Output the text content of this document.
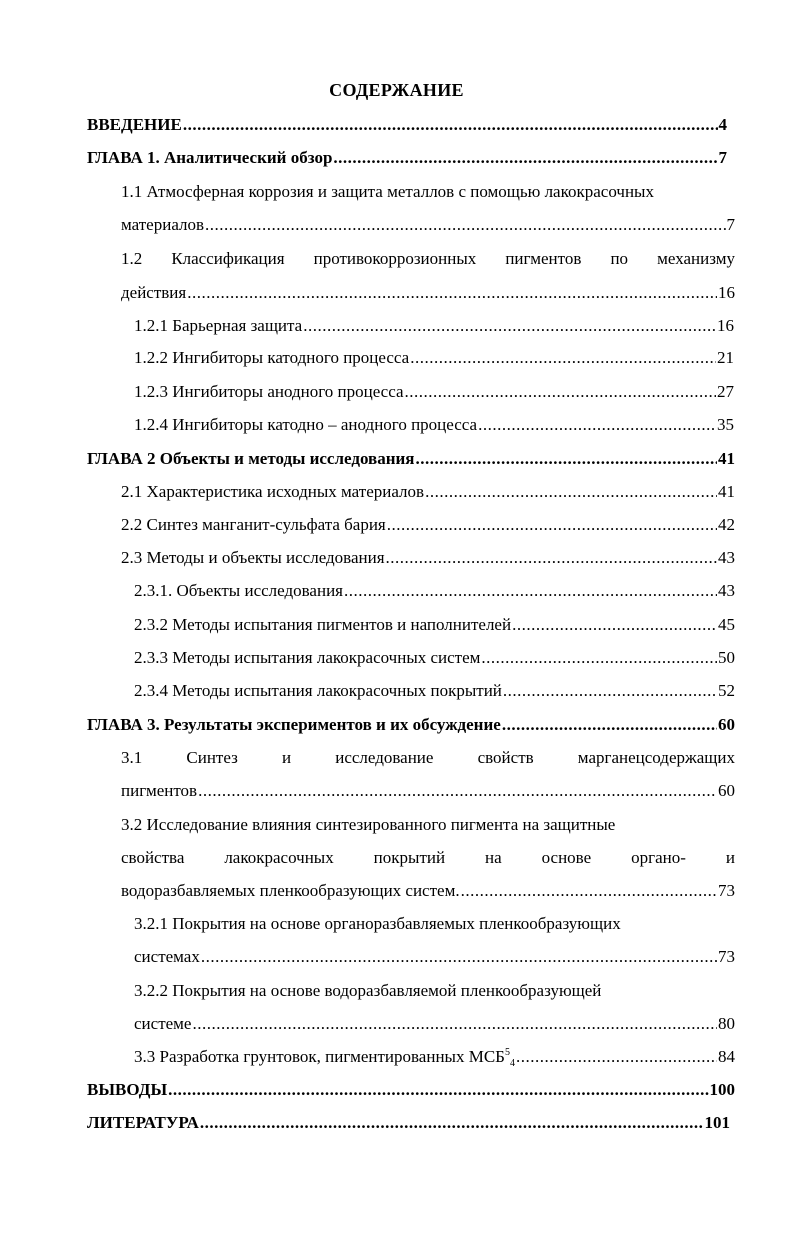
СОДЕРЖАНИЕ
ВВЕДЕНИЕ .....	4
ГЛАВА 1. Аналитический обзор .....	7
1.1 Атмосферная коррозия и защита металлов с помощью лакокрасочных
материалов .....	7
1.2 Классификация противокоррозионных пигментов по механизму
действия .....	16
1.2.1 Барьерная защита .....	16
1.2.2 Ингибиторы катодного процесса .....	21
1.2.3 Ингибиторы анодного процесса .....	27
1.2.4 Ингибиторы катодно – анодного процесса .....	35
ГЛАВА 2 Объекты и методы исследования .....	41
2.1 Характеристика исходных материалов .....	41
2.2 Синтез манганит-сульфата бария .....	42
2.3 Методы и объекты исследования .....	43
2.3.1. Объекты исследования .....	43
2.3.2 Методы испытания пигментов и наполнителей .....	45
2.3.3 Методы испытания лакокрасочных систем .....	50
2.3.4 Методы испытания лакокрасочных покрытий .....	52
ГЛАВА 3. Результаты экспериментов и их обсуждение .....	60
3.1	Синтез	и	исследование	свойств	марганецсодержащих
пигментов .....	60
3.2 Исследование влияния синтезированного пигмента на защитные
свойства лакокрасочных покрытий на основе органо- и
водоразбавляемых пленкообразующих систем. .....	73
3.2.1 Покрытия на основе органоразбавляемых пленкообразующих
системах .....	73
3.2.2 Покрытия на основе водоразбавляемой пленкообразующей
системе .....	80
3.3 Разработка грунтовок, пигментированных $МСБ^5_4$ .....	84
ВЫВОДЫ .....	100
ЛИТЕРАТУРА .....	101
